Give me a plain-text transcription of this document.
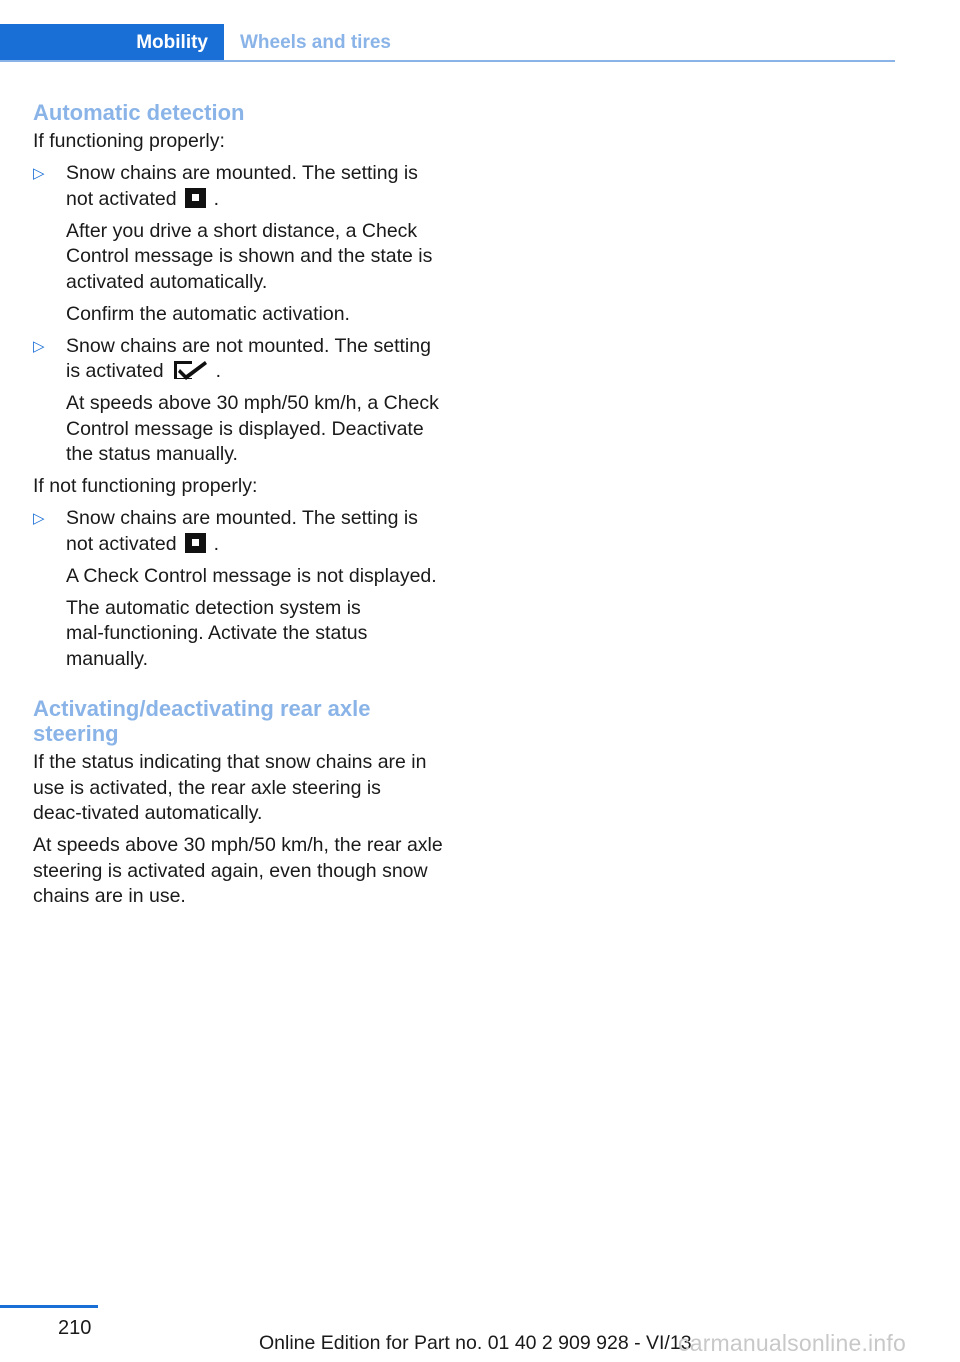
Mobility	Wheels and tires
Automatic detection

If functioning properly:

▷ Snow chains are mounted. The setting is
not activated .
After you drive a short distance, a Check Control message is shown and the state is activated automatically.
Confirm the automatic activation.
▷ Snow chains are not mounted. The setting
is activated	.
At speeds above 30 mph/50 km/h, a Check Control message is displayed. Deactivate the status manually.

If not functioning properly:

▷ Snow chains are mounted. The setting is
not activated .
A Check Control message is not displayed.
The automatic detection system is mal‑functioning. Activate the status manually.
Activating/deactivating rear axle steering

If the status indicating that snow chains are in use is activated, the rear axle steering is deac‑tivated automatically.

At speeds above 30 mph/50 km/h, the rear axle steering is activated again, even though snow chains are in use.

210
Online Edition for Part no. 01 40 2 909 928 - VI/13
carmanualsonline.info
